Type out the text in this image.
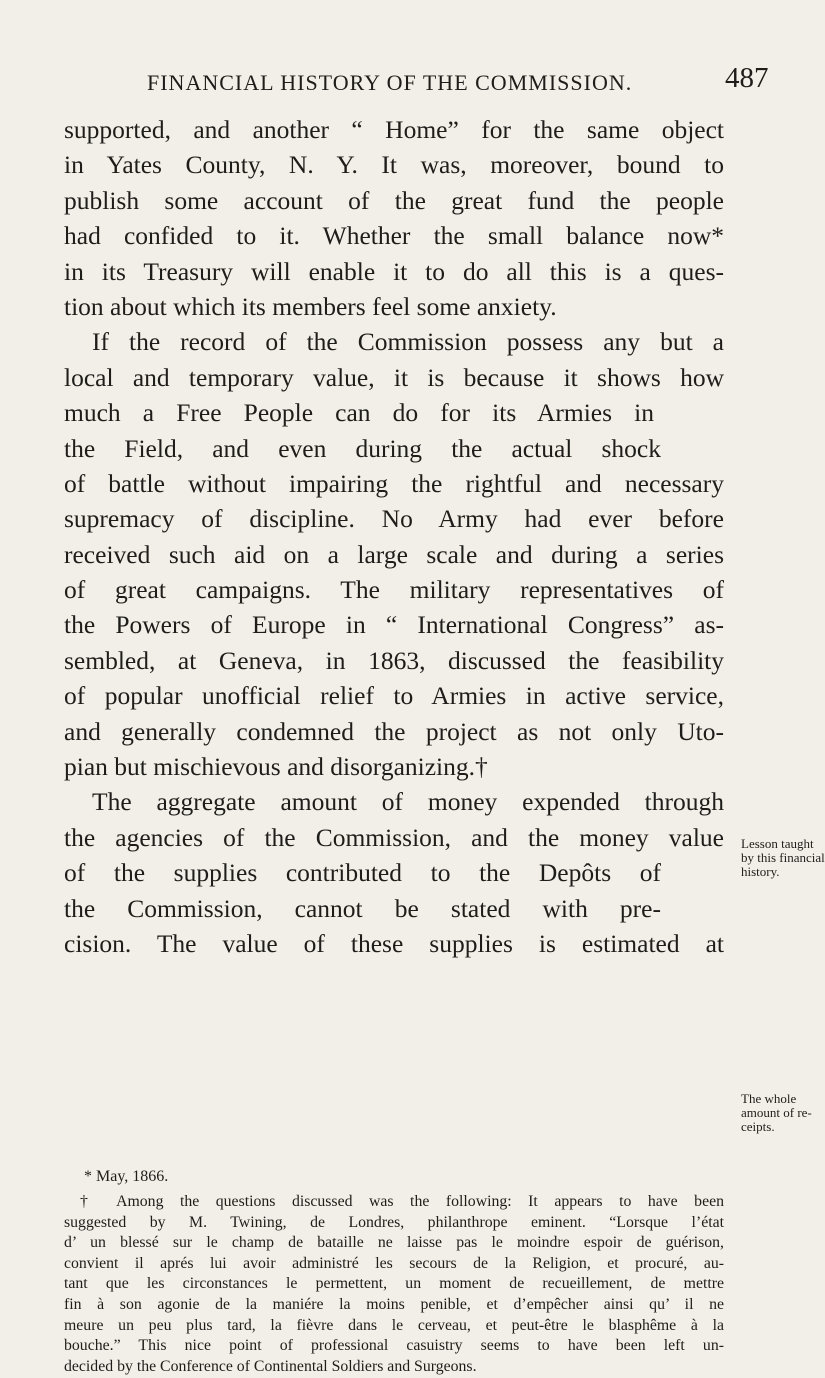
FINANCIAL HISTORY OF THE COMMISSION.	487
supported, and another “ Home” for the same object
in Yates County, N. Y. It was, moreover, bound to
publish some account of the great fund the people
had confided to it. Whether the small balance now*
in its Treasury will enable it to do all this is a ques-
tion about which its members feel some anxiety.
If the record of the Commission possess any but a
local and temporary value, it is because it shows how
much a Free People can do for its Armies in
the Field, and even during the actual shock
of battle without impairing the rightful and necessary
supremacy of discipline. No Army had ever before
received such aid on a large scale and during a series
of great campaigns. The military representatives of
the Powers of Europe in “ International Congress” as-
sembled, at Geneva, in 1863, discussed the feasibility
of popular unofficial relief to Armies in active service,
and generally condemned the project as not only Uto-
pian but mischievous and disorganizing.†
The aggregate amount of money expended through
the agencies of the Commission, and the money value
of the supplies contributed to the Depôts of
the Commission, cannot be stated with pre-
cision. The value of these supplies is estimated at
Lesson taught
by this financial
history.
The whole
amount of re-
ceipts.
* May, 1866.
† Among the questions discussed was the following: It appears to have been
suggested by M. Twining, de Londres, philanthrope eminent. “Lorsque l’état
d’ un blessé sur le champ de bataille ne laisse pas le moindre espoir de guérison,
convient il aprés lui avoir administré les secours de la Religion, et procuré, au-
tant que les circonstances le permettent, un moment de recueillement, de mettre
fin à son agonie de la maniére la moins penible, et d’empêcher ainsi qu’ il ne
meure un peu plus tard, la fièvre dans le cerveau, et peut-être le blasphême à la
bouche.” This nice point of professional casuistry seems to have been left un-
decided by the Conference of Continental Soldiers and Surgeons.
